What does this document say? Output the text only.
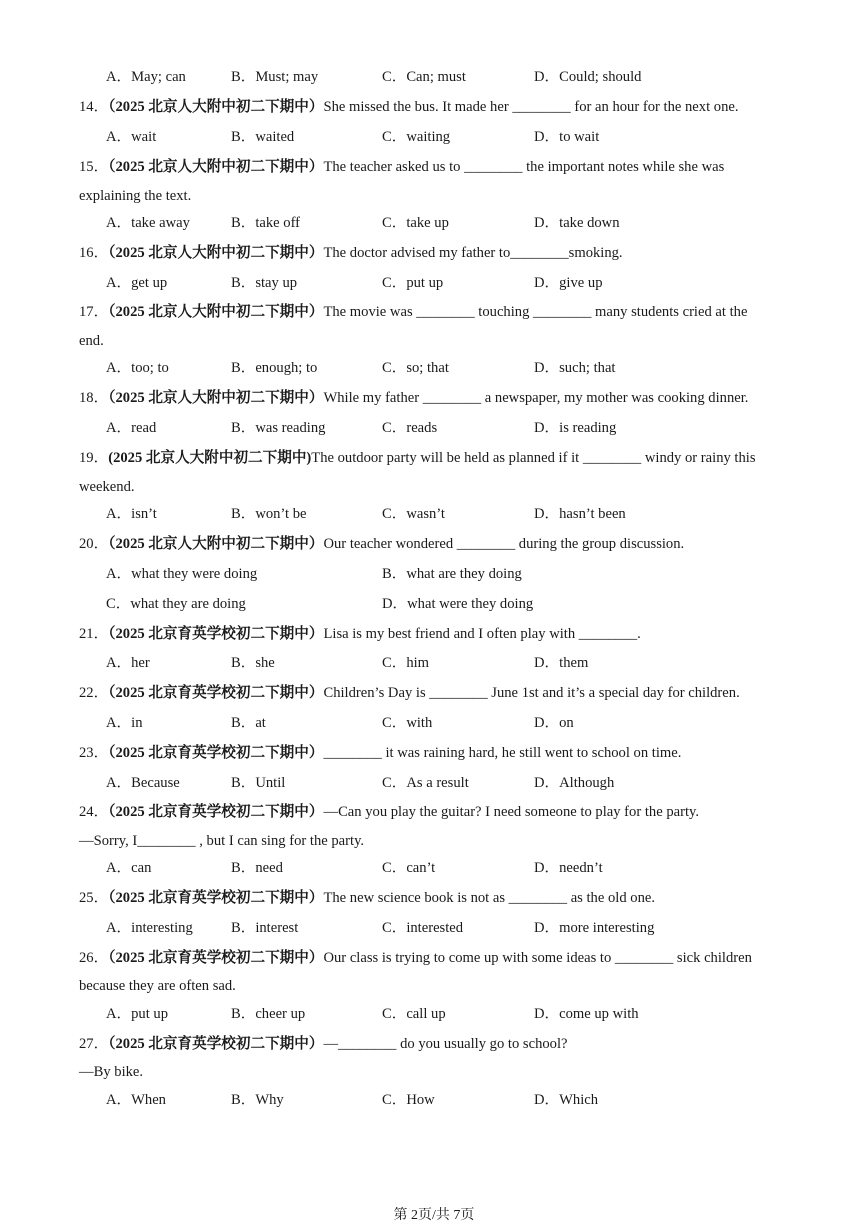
A．May; can	B．Must; may	C．Can; must	D．Could; should
14．（2025 北京人大附中初二下期中）She missed the bus. It made her ________ for an hour for the next one.
A．wait	B．waited	C．waiting	D．to wait
15．（2025 北京人大附中初二下期中）The teacher asked us to ________ the important notes while she was
explaining the text.
A．take away	B．take off	C．take up	D．take down
16．（2025 北京人大附中初二下期中）The doctor advised my father to________smoking.
A．get up	B．stay up	C．put up	D．give up
17．（2025 北京人大附中初二下期中）The movie was ________ touching ________ many students cried at the
end.
A．too; to	B．enough; to	C．so; that	D．such; that
18．（2025 北京人大附中初二下期中）While my father ________ a newspaper, my mother was cooking dinner.
A．read	B．was reading	C．reads	D．is reading
19．(2025 北京人大附中初二下期中)The outdoor party will be held as planned if it ________ windy or rainy this
weekend.
A．isn’t	B．won’t be	C．wasn’t	D．hasn’t been
20．（2025 北京人大附中初二下期中）Our teacher wondered ________ during the group discussion.
A．what they were doing	B．what are they doing
C．what they are doing	D．what were they doing
21．（2025 北京育英学校初二下期中）Lisa is my best friend and I often play with ________.
A．her	B．she	C．him	D．them
22．（2025 北京育英学校初二下期中）Children’s Day is ________ June 1st and it’s a special day for children.
A．in	B．at	C．with	D．on
23．（2025 北京育英学校初二下期中）________ it was raining hard, he still went to school on time.
A．Because	B．Until	C．As a result	D．Although
24．（2025 北京育英学校初二下期中）—Can you play the guitar? I need someone to play for the party.
—Sorry, I________ , but I can sing for the party.
A．can	B．need	C．can’t	D．needn’t
25．（2025 北京育英学校初二下期中）The new science book is not as ________ as the old one.
A．interesting	B．interest	C．interested	D．more interesting
26．（2025 北京育英学校初二下期中）Our class is trying to come up with some ideas to ________ sick children
because they are often sad.
A．put up	B．cheer up	C．call up	D．come up with
27．（2025 北京育英学校初二下期中）—________ do you usually go to school?
—By bike.
A．When	B．Why	C．How	D．Which
第 2页/共 7页
